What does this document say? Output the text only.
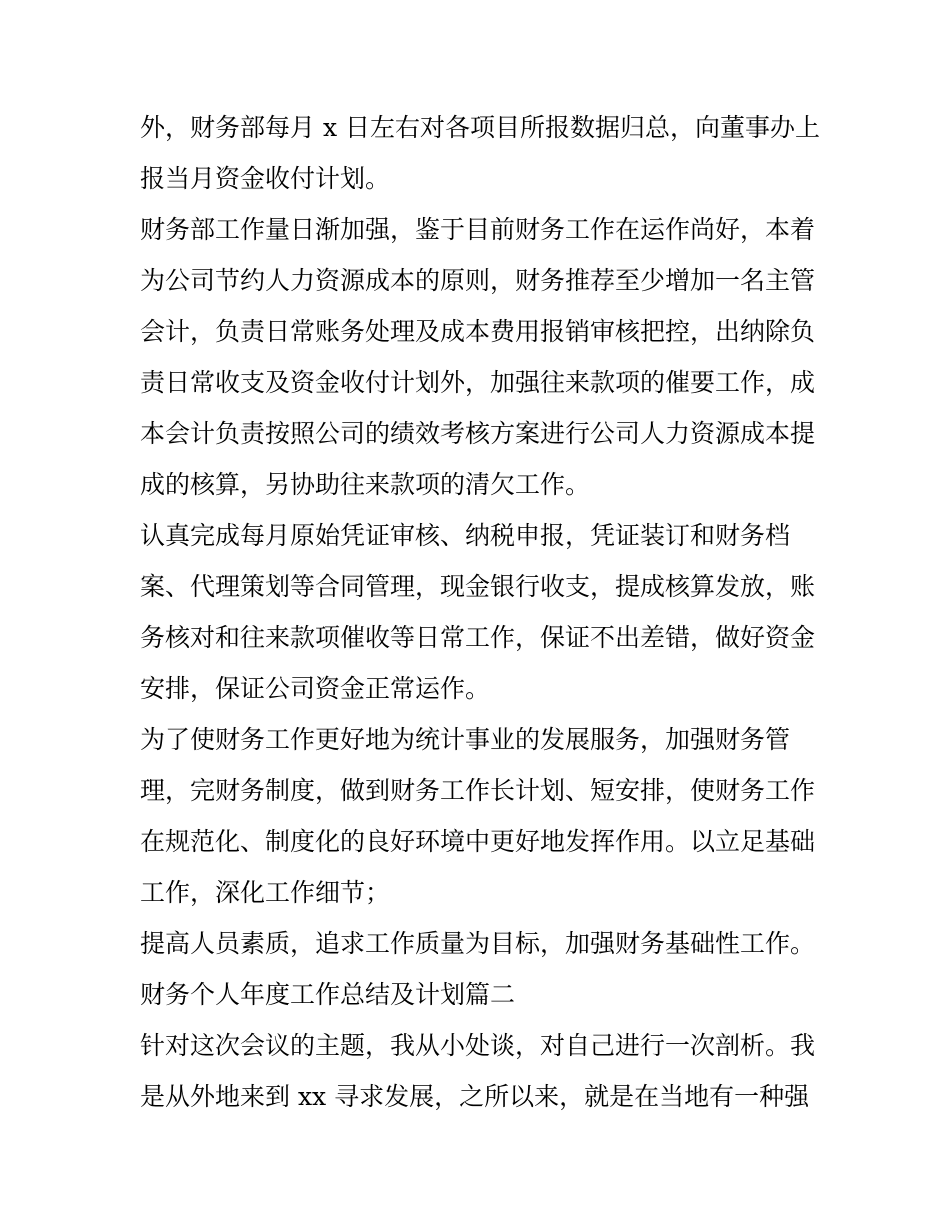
外，财务部每月 x 日左右对各项目所报数据归总，向董事办上
报当月资金收付计划。
财务部工作量日渐加强，鉴于目前财务工作在运作尚好，本着
为公司节约人力资源成本的原则，财务推荐至少增加一名主管
会计，负责日常账务处理及成本费用报销审核把控，出纳除负
责日常收支及资金收付计划外，加强往来款项的催要工作，成
本会计负责按照公司的绩效考核方案进行公司人力资源成本提
成的核算，另协助往来款项的清欠工作。
认真完成每月原始凭证审核、纳税申报，凭证装订和财务档
案、代理策划等合同管理，现金银行收支，提成核算发放，账
务核对和往来款项催收等日常工作，保证不出差错，做好资金
安排，保证公司资金正常运作。
为了使财务工作更好地为统计事业的发展服务，加强财务管
理，完财务制度，做到财务工作长计划、短安排，使财务工作
在规范化、制度化的良好环境中更好地发挥作用。以立足基础
工作，深化工作细节；
提高人员素质，追求工作质量为目标，加强财务基础性工作。
财务个人年度工作总结及计划篇二
针对这次会议的主题，我从小处谈，对自己进行一次剖析。我
是从外地来到 xx 寻求发展，之所以来，就是在当地有一种强
